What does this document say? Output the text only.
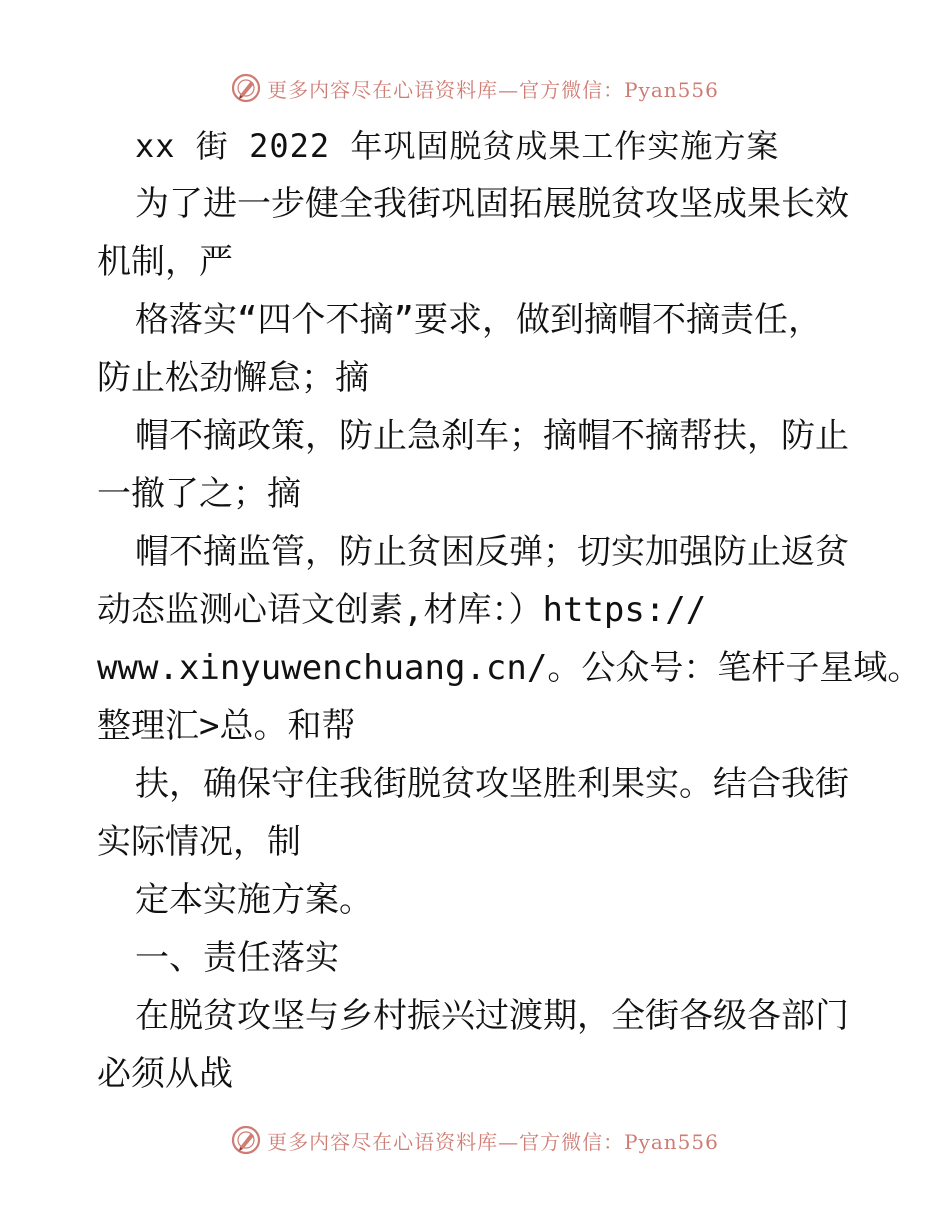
更多内容尽在心语资料库—官方微信：Pyan556
xx 街 2022 年巩固脱贫成果工作实施方案
为了进一步健全我街巩固拓展脱贫攻坚成果长效
机制，严
格落实“四个不摘”要求，做到摘帽不摘责任，
防止松劲懈怠；摘
帽不摘政策，防止急刹车；摘帽不摘帮扶，防止
一撤了之；摘
帽不摘监管，防止贫困反弹；切实加强防止返贫
动态监测心语文创素,材库：）https://
www.xinyuwenchuang.cn/。公众号：笔杆子星域。
整理汇>总。和帮
扶，确保守住我街脱贫攻坚胜利果实。结合我街
实际情况，制
定本实施方案。
一、责任落实
在脱贫攻坚与乡村振兴过渡期，全街各级各部门
必须从战
更多内容尽在心语资料库—官方微信：Pyan556
